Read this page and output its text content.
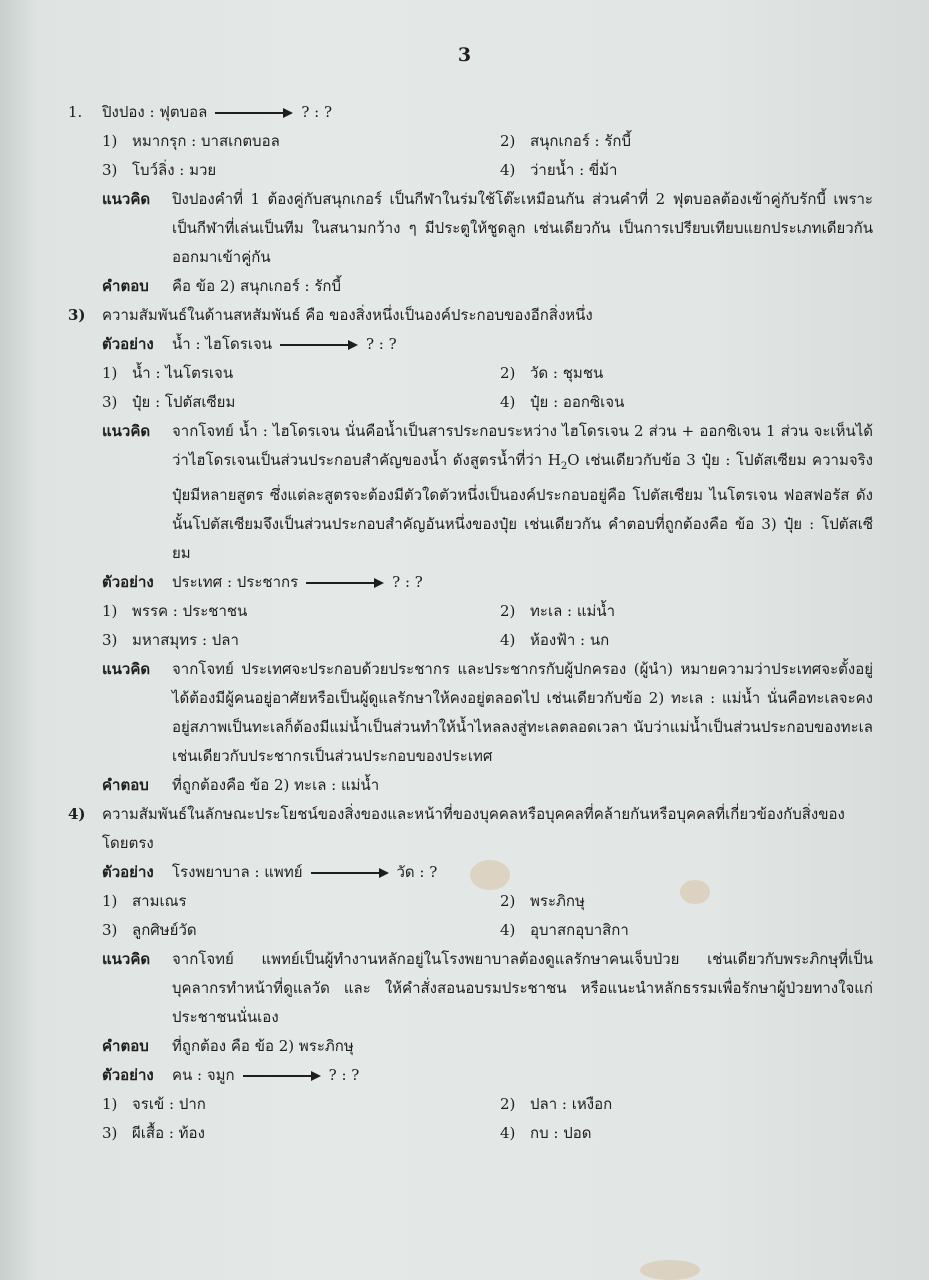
3
1. ปิงปอง : ฟุตบอล	? : ?
1) หมากรุก : บาสเกตบอล	2) สนุกเกอร์ : รักบี้
3) โบว์ลิ่ง : มวย	4) ว่ายน้ำ : ขี่ม้า
แนวคิด ปิงปองคำที่ 1 ต้องคู่กับสนุกเกอร์ เป็นกีฬาในร่มใช้โต๊ะเหมือนกัน ส่วนคำที่ 2 ฟุตบอลต้องเข้าคู่กับรักบี้ เพราะเป็นกีฬาที่เล่นเป็นทีม ในสนามกว้าง ๆ มีประตูให้ชูดลูก เช่นเดียวกัน เป็นการเปรียบเทียบแยกประเภทเดียวกันออกมาเข้าคู่กัน
คำตอบ คือ ข้อ 2) สนุกเกอร์ : รักบี้
3) ความสัมพันธ์ในด้านสหสัมพันธ์ คือ ของสิ่งหนึ่งเป็นองค์ประกอบของอีกสิ่งหนึ่ง
ตัวอย่าง น้ำ : ไฮโดรเจน	? : ?
1) น้ำ : ไนโตรเจน	2) วัด : ชุมชน
3) ปุ๋ย : โปตัสเซียม	4) ปุ๋ย : ออกซิเจน
แนวคิด จากโจทย์ น้ำ : ไฮโดรเจน นั่นคือน้ำเป็นสารประกอบระหว่าง ไฮโดรเจน 2 ส่วน + ออกซิเจน 1 ส่วน จะเห็นได้ว่าไฮโดรเจนเป็นส่วนประกอบสำคัญของน้ำ ดังสูตรน้ำที่ว่า $H_2O$ เช่นเดียวกับข้อ 3 ปุ๋ย : โปตัสเซียม ความจริงปุ๋ยมีหลายสูตร ซึ่งแต่ละสูตรจะต้องมีตัวใดตัวหนึ่งเป็นองค์ประกอบอยู่คือ โปตัสเซียม ไนโตรเจน ฟอสฟอรัส ดังนั้นโปตัสเซียมจึงเป็นส่วนประกอบสำคัญอันหนึ่งของปุ๋ย เช่นเดียวกัน คำตอบที่ถูกต้องคือ ข้อ 3) ปุ๋ย : โปตัสเซียม
ตัวอย่าง ประเทศ : ประชากร	? : ?
1) พรรค : ประชาชน	2) ทะเล : แม่น้ำ
3) มหาสมุทร : ปลา	4) ห้องฟ้า : นก
แนวคิด จากโจทย์ ประเทศจะประกอบด้วยประชากร และประชากรกับผู้ปกครอง (ผู้นำ) หมายความว่าประเทศจะตั้งอยู่ได้ต้องมีผู้คนอยู่อาศัยหรือเป็นผู้ดูแลรักษาให้คงอยู่ตลอดไป เช่นเดียวกับข้อ 2) ทะเล : แม่น้ำ นั่นคือทะเลจะคงอยู่สภาพเป็นทะเลก็ต้องมีแม่น้ำเป็นส่วนทำให้น้ำไหลลงสู่ทะเลตลอดเวลา นับว่าแม่น้ำเป็นส่วนประกอบของทะเล เช่นเดียวกับประชากรเป็นส่วนประกอบของประเทศ
คำตอบ ที่ถูกต้องคือ ข้อ 2) ทะเล : แม่น้ำ
4) ความสัมพันธ์ในลักษณะประโยชน์ของสิ่งของและหน้าที่ของบุคคลหรือบุคคลที่คล้ายกันหรือบุคคลที่เกี่ยวข้องกับสิ่งของโดยตรง
ตัวอย่าง โรงพยาบาล : แพทย์	วัด : ?
1) สามเณร	2) พระภิกษุ
3) ลูกศิษย์วัด	4) อุบาสกอุบาสิกา
แนวคิด จากโจทย์ แพทย์เป็นผู้ทำงานหลักอยู่ในโรงพยาบาลต้องดูแลรักษาคนเจ็บป่วย เช่นเดียวกับพระภิกษุที่เป็นบุคลากรทำหน้าที่ดูแลวัด และ ให้คำสั่งสอนอบรมประชาชน หรือแนะนำหลักธรรมเพื่อรักษาผู้ป่วยทางใจแก่ประชาชนนั่นเอง
คำตอบ ที่ถูกต้อง คือ ข้อ 2) พระภิกษุ
ตัวอย่าง คน : จมูก	? : ?
1) จรเข้ : ปาก	2) ปลา : เหงือก
3) ผีเสื้อ : ท้อง	4) กบ : ปอด
